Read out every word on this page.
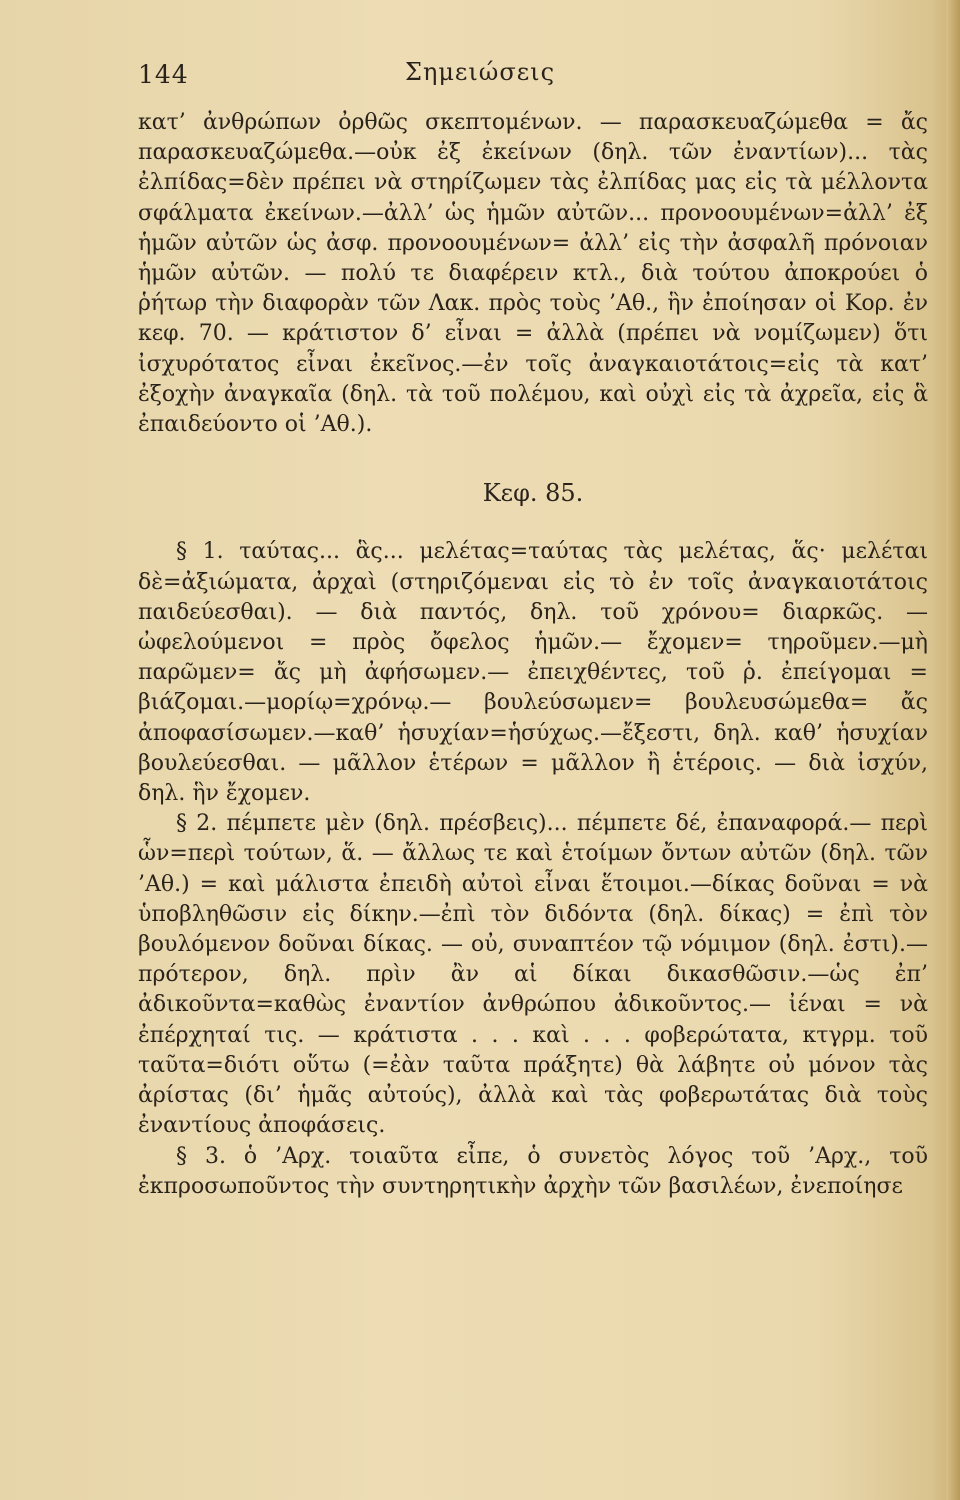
144	Σημειώσεις

κατ’ ἀνθρώπων ὀρθῶς σκεπτομένων. — παρασκευαζώμεθα = ἄς παρασκευαζώμεθα.—οὐκ ἐξ ἐκείνων (δηλ. τῶν ἐναντίων)... τὰς ἐλπίδας=δὲν πρέπει νὰ στηρίζωμεν τὰς ἐλπίδας μας εἰς τὰ μέλλοντα σφάλματα ἐκείνων.—ἀλλ’ ὡς ἡμῶν αὐτῶν... προνοουμένων=ἀλλ’ ἐξ ἡμῶν αὐτῶν ὡς ἀσφ. προνοουμένων= ἀλλ’ εἰς τὴν ἀσφαλῆ πρόνοιαν ἡμῶν αὐτῶν. — πολύ τε διαφέρειν κτλ., διὰ τούτου ἀποκρούει ὁ ῥήτωρ τὴν διαφορὰν τῶν Λακ. πρὸς τοὺς ’Αθ., ἣν ἐποίησαν οἱ Κορ. ἐν κεφ. 70. — κράτιστον δ’ εἶναι = ἀλλὰ (πρέπει νὰ νομίζωμεν) ὅτι ἰσχυρότατος εἶναι ἐκεῖνος.—ἐν τοῖς ἀναγκαιοτάτοις=εἰς τὰ κατ’ ἐξοχὴν ἀναγκαῖα (δηλ. τὰ τοῦ πολέμου, καὶ οὐχὶ εἰς τὰ ἀχρεῖα, εἰς ἃ ἐπαιδεύοντο οἱ ’Αθ.).

Κεφ. 85.

§ 1. ταύτας... ἃς... μελέτας=ταύτας τὰς μελέτας, ἅς· μελέται δὲ=ἀξιώματα, ἀρχαὶ (στηριζόμεναι εἰς τὸ ἐν τοῖς ἀναγκαιοτάτοις παιδεύεσθαι). — διὰ παντός, δηλ. τοῦ χρόνου= διαρκῶς. —ὠφελούμενοι = πρὸς ὄφελος ἡμῶν.— ἔχομεν= τηροῦμεν.—μὴ παρῶμεν= ἄς μὴ ἀφήσωμεν.— ἐπειχθέντες, τοῦ ῥ. ἐπείγομαι = βιάζομαι.—μορίῳ=χρόνῳ.— βουλεύσωμεν= βουλευσώμεθα= ἄς ἀποφασίσωμεν.—καθ’ ἡσυχίαν=ἡσύχως.—ἔξεστι, δηλ. καθ’ ἡσυχίαν βουλεύεσθαι. — μᾶλλον ἑτέρων = μᾶλλον ἢ ἑτέροις. — διὰ ἰσχύν, δηλ. ἣν ἔχομεν.

§ 2. πέμπετε μὲν (δηλ. πρέσβεις)... πέμπετε δέ, ἐπαναφορά.— περὶ ὧν=περὶ τούτων, ἅ. — ἄλλως τε καὶ ἑτοίμων ὄντων αὐτῶν (δηλ. τῶν ’Αθ.) = καὶ μάλιστα ἐπειδὴ αὐτοὶ εἶναι ἕτοιμοι.—δίκας δοῦναι = νὰ ὑποβληθῶσιν εἰς δίκην.—ἐπὶ τὸν διδόντα (δηλ. δίκας) = ἐπὶ τὸν βουλόμενον δοῦναι δίκας. — οὐ, συναπτέον τῷ νόμιμον (δηλ. ἐστι).— πρότερον, δηλ. πρὶν ἂν αἱ δίκαι δικασθῶσιν.—ὡς ἐπ’ ἀδικοῦντα=καθὼς ἐναντίον ἀνθρώπου ἀδικοῦντος.— ἰέναι = νὰ ἐπέρχηταί τις. — κράτιστα . . . καὶ . . . φοβερώτατα, κτγρμ. τοῦ ταῦτα=διότι οὕτω (=ἐὰν ταῦτα πράξητε) θὰ λάβητε οὐ μόνον τὰς ἀρίστας (δι’ ἡμᾶς αὐτούς), ἀλλὰ καὶ τὰς φοβερωτάτας διὰ τοὺς ἐναντίους ἀποφάσεις.

§ 3. ὁ ’Αρχ. τοιαῦτα εἶπε, ὁ συνετὸς λόγος τοῦ ’Αρχ., τοῦ ἐκπροσωποῦντος τὴν συντηρητικὴν ἀρχὴν τῶν βασιλέων, ἐνεποίησε
